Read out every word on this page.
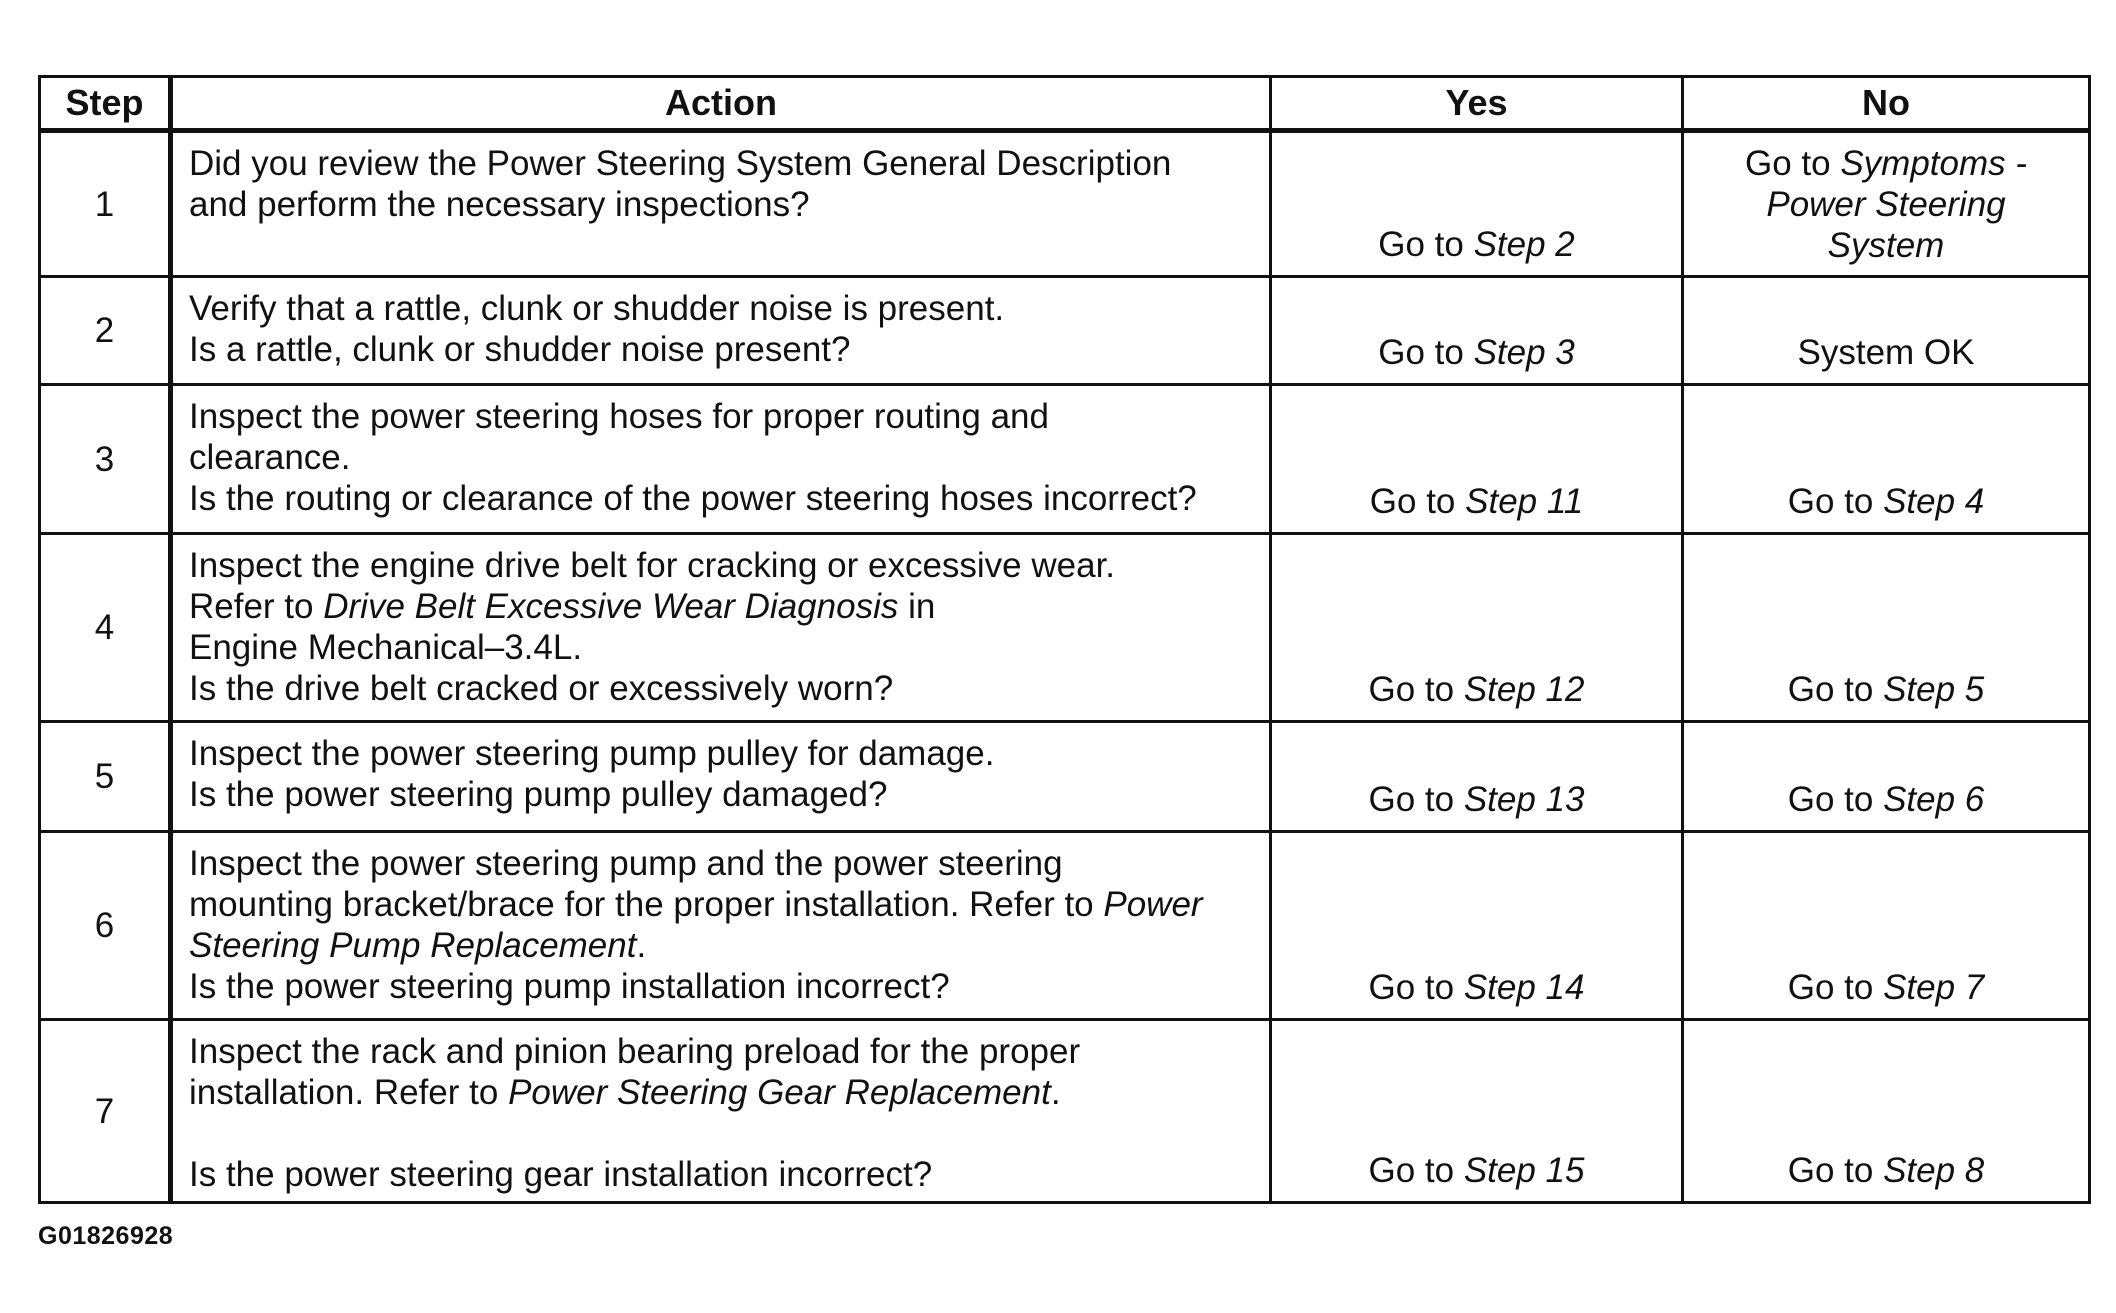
Step	Action	Yes	No
1	Did you review the Power Steering System General Description
and perform the necessary inspections?	Go to Step 2	Go to Symptoms -
Power Steering
System

2	Verify that a rattle, clunk or shudder noise is present.
Is a rattle, clunk or shudder noise present?	Go to Step 3	System OK
3	Inspect the power steering hoses for proper routing and
clearance.
Is the routing or clearance of the power steering hoses incorrect?	Go to Step 11	Go to Step 4
4	Inspect the engine drive belt for cracking or excessive wear.
Refer to Drive Belt Excessive Wear Diagnosis in
Engine Mechanical–3.4L.
Is the drive belt cracked or excessively worn?	Go to Step 12	Go to Step 5
5	Inspect the power steering pump pulley for damage.
Is the power steering pump pulley damaged?	Go to Step 13	Go to Step 6
6	Inspect the power steering pump and the power steering
mounting bracket/brace for the proper installation. Refer to Power
Steering Pump Replacement.
Is the power steering pump installation incorrect?	Go to Step 14	Go to Step 7
7	Inspect the rack and pinion bearing preload for the proper
installation. Refer to Power Steering Gear Replacement.
Is the power steering gear installation incorrect?	Go to Step 15	Go to Step 8
G01826928
